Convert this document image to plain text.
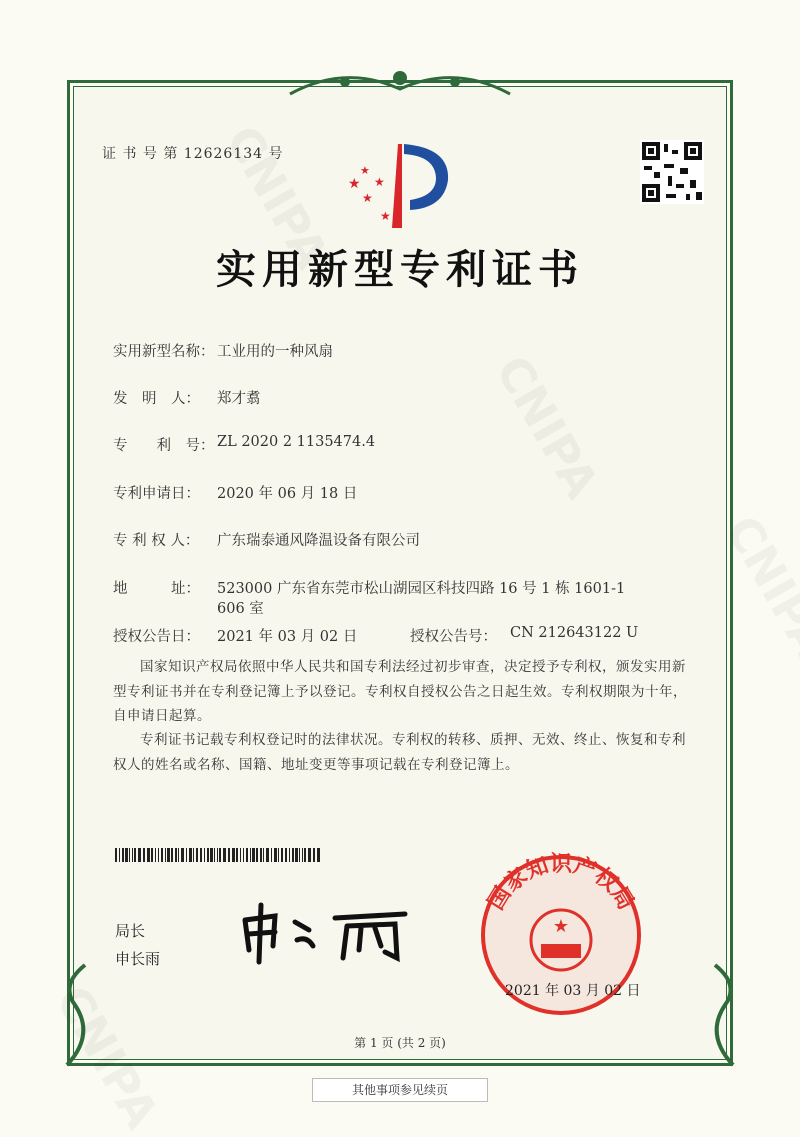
证 书 号 第 12626134 号
★
★
★
★
★
实用新型专利证书
实用新型名称： 工业用的一种风扇
发　明　人： 郑才翥
专　　利　号： ZL 2020 2 1135474.4
专利申请日： 2020 年 06 月 18 日
专 利 权 人： 广东瑞泰通风降温设备有限公司
地　　　址： 523000 广东省东莞市松山湖园区科技四路 16 号 1 栋 1601-1
606 室
授权公告日： 2021 年 03 月 02 日	授权公告号： CN 212643122 U
国家知识产权局依照中华人民共和国专利法经过初步审查，决定授予专利权，颁发实用新型专利证书并在专利登记簿上予以登记。专利权自授权公告之日起生效。专利权期限为十年，自申请日起算。
专利证书记载专利权登记时的法律状况。专利权的转移、质押、无效、终止、恢复和专利权人的姓名或名称、国籍、地址变更等事项记载在专利登记簿上。
局长
申长雨
国家知识产权局
★
2021 年 03 月 02 日
第 1 页 (共 2 页)
其他事项参见续页
